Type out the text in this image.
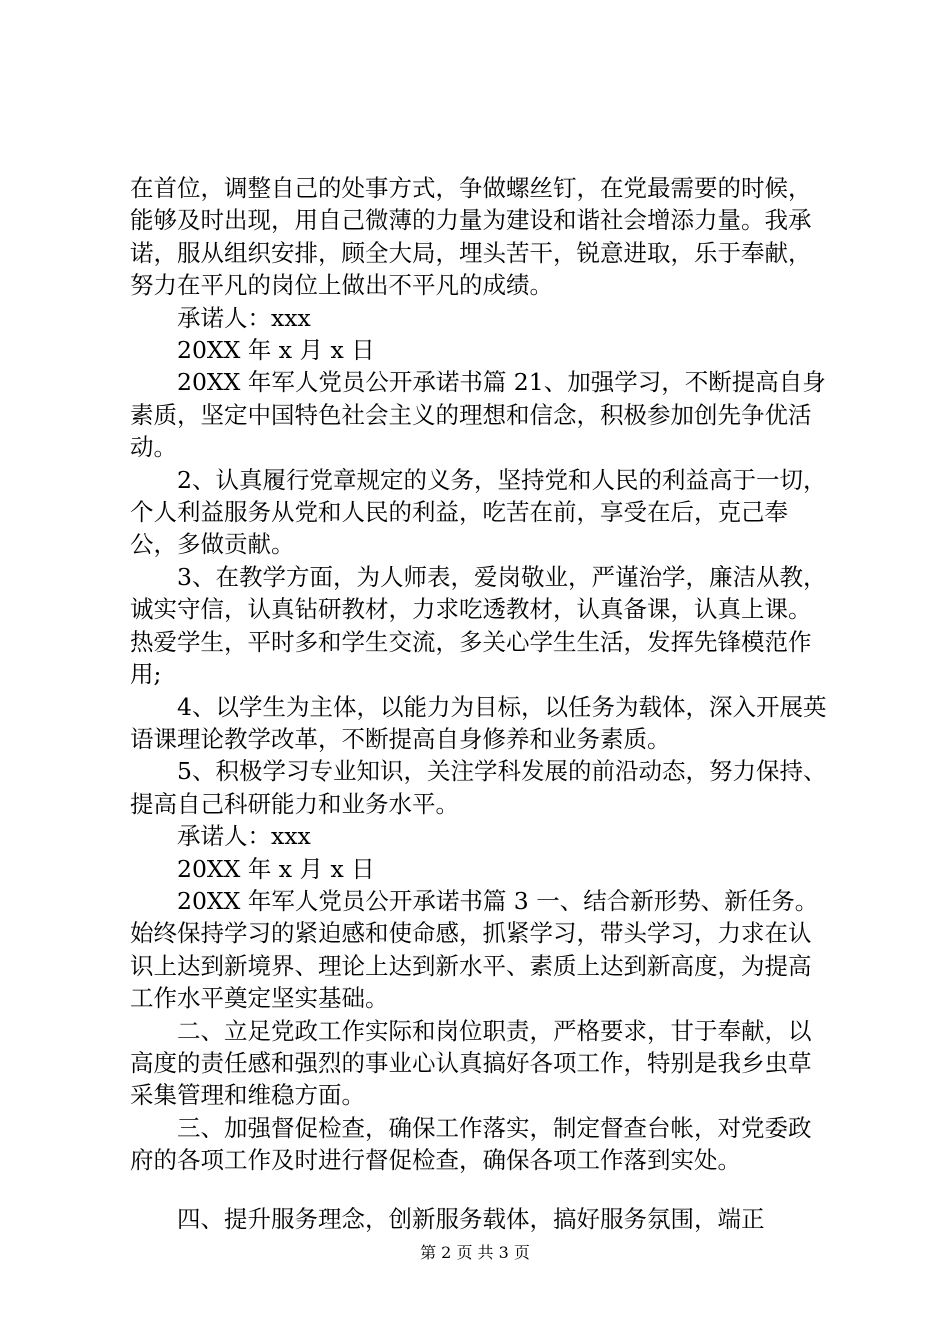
在首位，调整自己的处事方式，争做螺丝钉，在党最需要的时候，能够及时出现，用自己微薄的力量为建设和谐社会增添力量。我承诺，服从组织安排，顾全大局，埋头苦干，锐意进取，乐于奉献，努力在平凡的岗位上做出不平凡的成绩。

承诺人：xxx

20XX 年 x 月 x 日

20XX 年军人党员公开承诺书篇 21、加强学习，不断提高自身素质，坚定中国特色社会主义的理想和信念，积极参加创先争优活动。

2、认真履行党章规定的义务，坚持党和人民的利益高于一切，个人利益服务从党和人民的利益，吃苦在前，享受在后，克己奉公，多做贡献。

3、在教学方面，为人师表，爱岗敬业，严谨治学，廉洁从教，诚实守信，认真钻研教材，力求吃透教材，认真备课，认真上课。热爱学生，平时多和学生交流，多关心学生生活，发挥先锋模范作用;

4、以学生为主体，以能力为目标，以任务为载体，深入开展英语课理论教学改革，不断提高自身修养和业务素质。

5、积极学习专业知识，关注学科发展的前沿动态，努力保持、提高自己科研能力和业务水平。

承诺人：xxx

20XX 年 x 月 x 日

20XX 年军人党员公开承诺书篇 3 一、结合新形势、新任务。始终保持学习的紧迫感和使命感，抓紧学习，带头学习，力求在认识上达到新境界、理论上达到新水平、素质上达到新高度，为提高工作水平奠定坚实基础。

二、立足党政工作实际和岗位职责，严格要求，甘于奉献，以高度的责任感和强烈的事业心认真搞好各项工作，特别是我乡虫草采集管理和维稳方面。

三、加强督促检查，确保工作落实，制定督查台帐，对党委政府的各项工作及时进行督促检查，确保各项工作落到实处。

四、提升服务理念，创新服务载体，搞好服务氛围，端正

第 2 页 共 3 页
